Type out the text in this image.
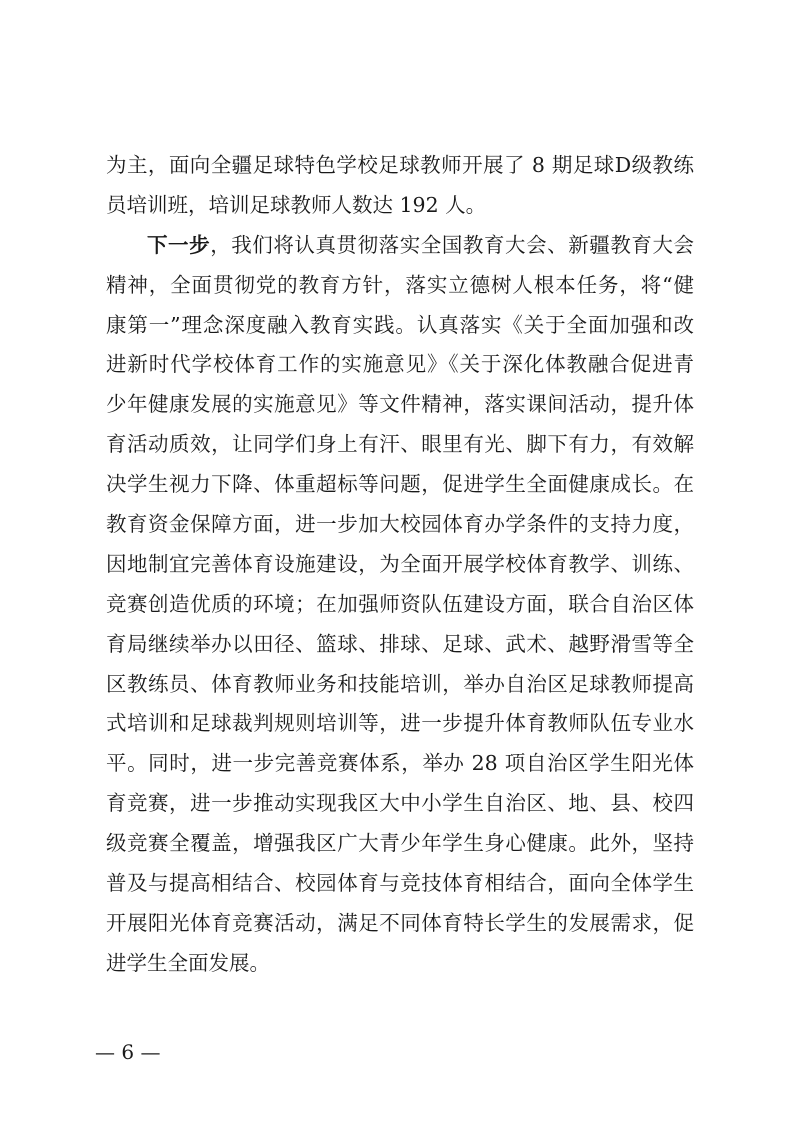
为主，面向全疆足球特色学校足球教师开展了 8 期足球D级教练
员培训班，培训足球教师人数达 192 人。
下一步，我们将认真贯彻落实全国教育大会、新疆教育大会
精神，全面贯彻党的教育方针，落实立德树人根本任务，将“健
康第一”理念深度融入教育实践。认真落实《关于全面加强和改
进新时代学校体育工作的实施意见》《关于深化体教融合促进青
少年健康发展的实施意见》等文件精神，落实课间活动，提升体
育活动质效，让同学们身上有汗、眼里有光、脚下有力，有效解
决学生视力下降、体重超标等问题，促进学生全面健康成长。在
教育资金保障方面，进一步加大校园体育办学条件的支持力度，
因地制宜完善体育设施建设，为全面开展学校体育教学、训练、
竞赛创造优质的环境；在加强师资队伍建设方面，联合自治区体
育局继续举办以田径、篮球、排球、足球、武术、越野滑雪等全
区教练员、体育教师业务和技能培训，举办自治区足球教师提高
式培训和足球裁判规则培训等，进一步提升体育教师队伍专业水
平。同时，进一步完善竞赛体系，举办 28 项自治区学生阳光体
育竞赛，进一步推动实现我区大中小学生自治区、地、县、校四
级竞赛全覆盖，增强我区广大青少年学生身心健康。此外，坚持
普及与提高相结合、校园体育与竞技体育相结合，面向全体学生
开展阳光体育竞赛活动，满足不同体育特长学生的发展需求，促
进学生全面发展。
— 6 —
